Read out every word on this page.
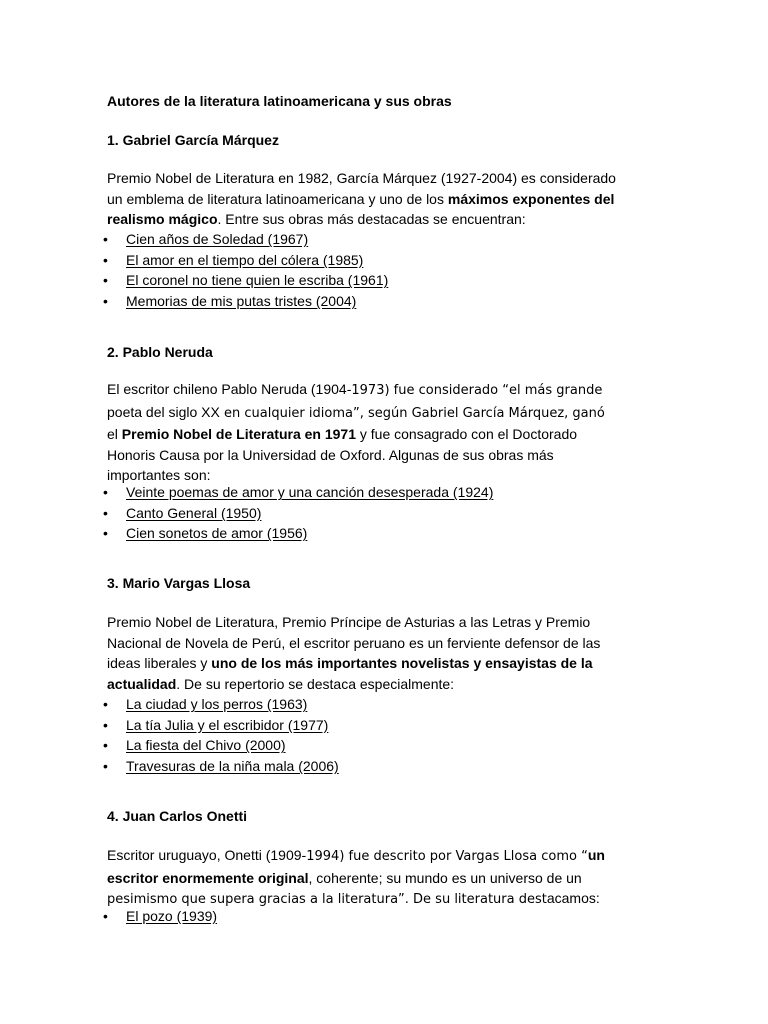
Autores de la literatura latinoamericana y sus obras
1. Gabriel García Márquez
Premio Nobel de Literatura en 1982, García Márquez (1927-2004) es considerado
un emblema de literatura latinoamericana y uno de los máximos exponentes del
realismo mágico. Entre sus obras más destacadas se encuentran:
• Cien años de Soledad (1967)
• El amor en el tiempo del cólera (1985)
• El coronel no tiene quien le escriba (1961)
• Memorias de mis putas tristes (2004)
2. Pablo Neruda
El escritor chileno Pablo Neruda (1904-1973) fue considerado “el más grande
poeta del siglo XX en cualquier idioma”, según Gabriel García Márquez, ganó
el Premio Nobel de Literatura en 1971 y fue consagrado con el Doctorado
Honoris Causa por la Universidad de Oxford. Algunas de sus obras más
importantes son:
• Veinte poemas de amor y una canción desesperada (1924)
• Canto General (1950)
• Cien sonetos de amor (1956)
3. Mario Vargas Llosa
Premio Nobel de Literatura, Premio Príncipe de Asturias a las Letras y Premio
Nacional de Novela de Perú, el escritor peruano es un ferviente defensor de las
ideas liberales y uno de los más importantes novelistas y ensayistas de la
actualidad. De su repertorio se destaca especialmente:
• La ciudad y los perros (1963)
• La tía Julia y el escribidor (1977)
• La fiesta del Chivo (2000)
• Travesuras de la niña mala (2006)
4. Juan Carlos Onetti
Escritor uruguayo, Onetti (1909-1994) fue descrito por Vargas Llosa como “un
escritor enormemente original, coherente; su mundo es un universo de un
pesimismo que supera gracias a la literatura”. De su literatura destacamos:
• El pozo (1939)
